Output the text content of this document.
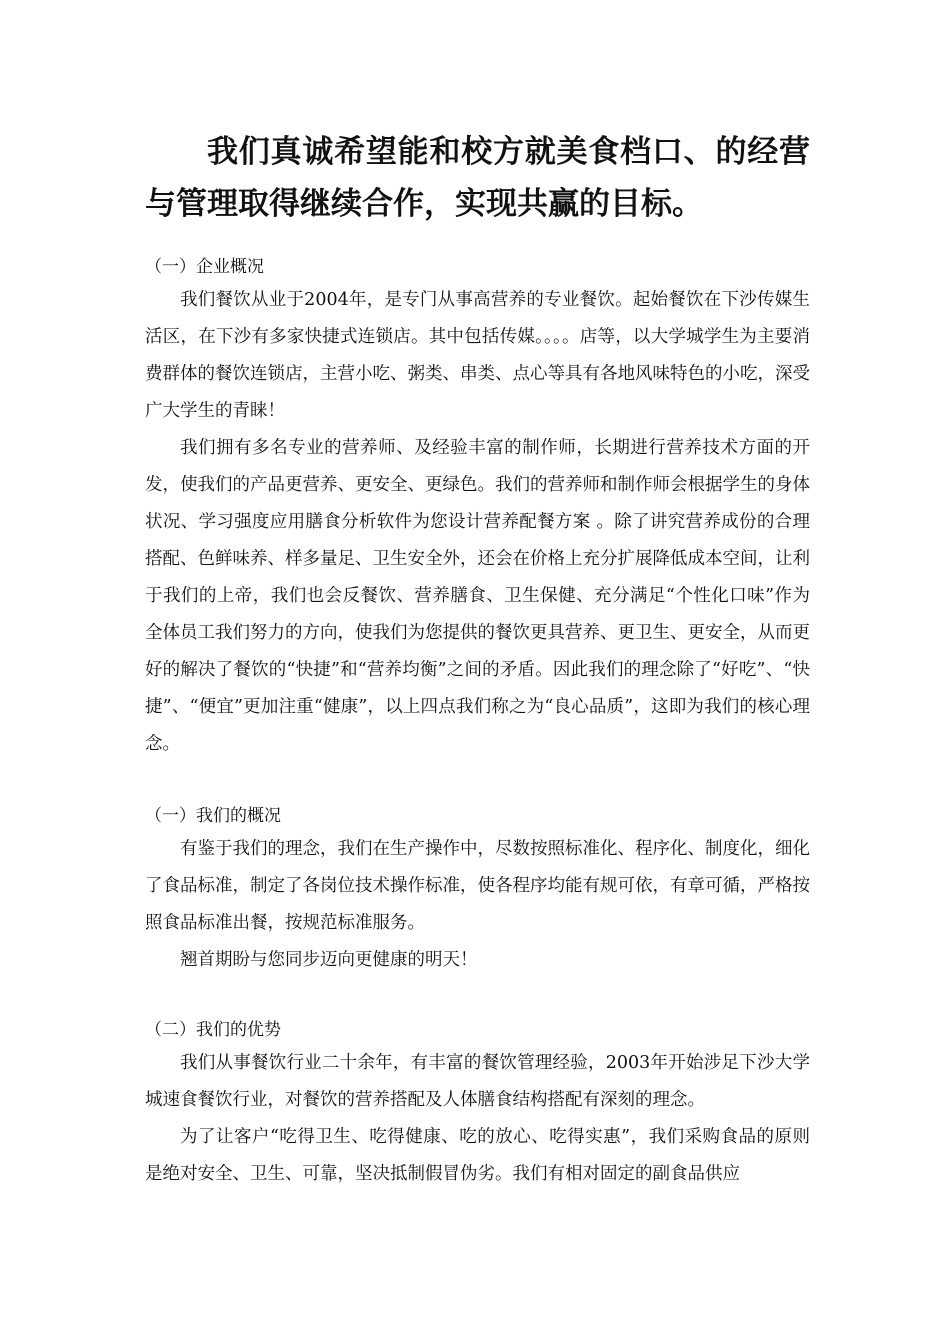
我们真诚希望能和校方就美食档口、的经营与管理取得继续合作，实现共赢的目标。

（一）企业概况

我们餐饮从业于2004年，是专门从事高营养的专业餐饮。起始餐饮在下沙传媒生活区，在下沙有多家快捷式连锁店。其中包括传媒。。。。店等，以大学城学生为主要消费群体的餐饮连锁店，主营小吃、粥类、串类、点心等具有各地风味特色的小吃，深受广大学生的青睐！

我们拥有多名专业的营养师、及经验丰富的制作师，长期进行营养技术方面的开发，使我们的产品更营养、更安全、更绿色。我们的营养师和制作师会根据学生的身体状况、学习强度应用膳食分析软件为您设计营养配餐方案 。除了讲究营养成份的合理搭配、色鲜味养、样多量足、卫生安全外，还会在价格上充分扩展降低成本空间，让利于我们的上帝，我们也会反餐饮、营养膳食、卫生保健、充分满足“个性化口味”作为全体员工我们努力的方向，使我们为您提供的餐饮更具营养、更卫生、更安全，从而更好的解决了餐饮的“快捷”和“营养均衡”之间的矛盾。因此我们的理念除了“好吃”、“快捷”、“便宜”更加注重“健康”，以上四点我们称之为“良心品质”，这即为我们的核心理念。

（一）我们的概况

有鉴于我们的理念，我们在生产操作中，尽数按照标准化、程序化、制度化，细化了食品标准，制定了各岗位技术操作标准，使各程序均能有规可依，有章可循，严格按照食品标准出餐，按规范标准服务。

翘首期盼与您同步迈向更健康的明天！

（二）我们的优势

我们从事餐饮行业二十余年，有丰富的餐饮管理经验，2003年开始涉足下沙大学城速食餐饮行业，对餐饮的营养搭配及人体膳食结构搭配有深刻的理念。

为了让客户“吃得卫生、吃得健康、吃的放心、吃得实惠”，我们采购食品的原则是绝对安全、卫生、可靠，坚决抵制假冒伪劣。我们有相对固定的副食品供应
